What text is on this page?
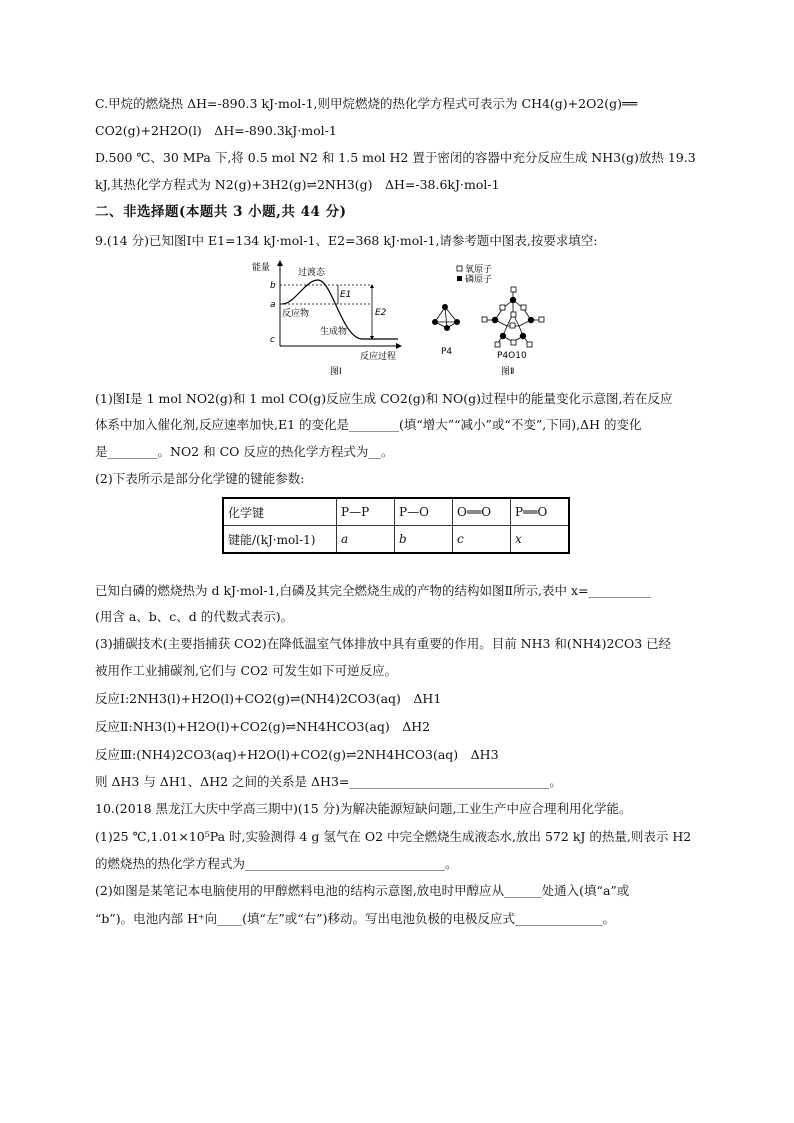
C.甲烷的燃烧热 ΔH=-890.3 kJ·mol-1,则甲烷燃烧的热化学方程式可表示为 CH4(g)+2O2(g)══
CO2(g)+2H2O(l)　ΔH=-890.3kJ·mol-1
D.500 ℃、30 MPa 下,将 0.5 mol N2 和 1.5 mol H2 置于密闭的容器中充分反应生成 NH3(g)放热 19.3
kJ,其热化学方程式为 N2(g)+3H2(g)⇌2NH3(g)　ΔH=-38.6kJ·mol-1
二、非选择题(本题共 3 小题,共 44 分)
9.(14 分)已知图Ⅰ中 E1=134 kJ·mol-1、E2=368 kJ·mol-1,请参考题中图表,按要求填空:
能量
b
a
c
过渡态
反应物
生成物
E1
E2
反应过程
图Ⅰ
氧原子
磷原子
P4	P4O10
图Ⅱ
(1)图Ⅰ是 1 mol NO2(g)和 1 mol CO(g)反应生成 CO2(g)和 NO(g)过程中的能量变化示意图,若在反应
体系中加入催化剂,反应速率加快,E1 的变化是________(填“增大”“减小”或“不变”,下同),ΔH 的变化
是________。NO2 和 CO 反应的热化学方程式为__。
(2)下表所示是部分化学键的键能参数:
化学键	P—P	P—O	O══O	P══O
键能/(kJ·mol-1)	a	b	c	x
已知白磷的燃烧热为 d kJ·mol-1,白磷及其完全燃烧生成的产物的结构如图Ⅱ所示,表中 x=__________
(用含 a、b、c、d 的代数式表示)。
(3)捕碳技术(主要指捕获 CO2)在降低温室气体排放中具有重要的作用。目前 NH3 和(NH4)2CO3 已经
被用作工业捕碳剂,它们与 CO2 可发生如下可逆反应。
反应Ⅰ:2NH3(l)+H2O(l)+CO2(g)⇌(NH4)2CO3(aq)　ΔH1
反应Ⅱ:NH3(l)+H2O(l)+CO2(g)⇌NH4HCO3(aq)　ΔH2
反应Ⅲ:(NH4)2CO3(aq)+H2O(l)+CO2(g)⇌2NH4HCO3(aq)　ΔH3
则 ΔH3 与 ΔH1、ΔH2 之间的关系是 ΔH3=________________________________。
10.(2018 黑龙江大庆中学高三期中)(15 分)为解决能源短缺问题,工业生产中应合理利用化学能。
(1)25 ℃,1.01×10⁵Pa 时,实验测得 4 g 氢气在 O2 中完全燃烧生成液态水,放出 572 kJ 的热量,则表示 H2
的燃烧热的热化学方程式为________________________________。
(2)如图是某笔记本电脑使用的甲醇燃料电池的结构示意图,放电时甲醇应从______处通入(填“a”或
“b”)。电池内部 H⁺向____(填“左”或“右”)移动。写出电池负极的电极反应式______________。
